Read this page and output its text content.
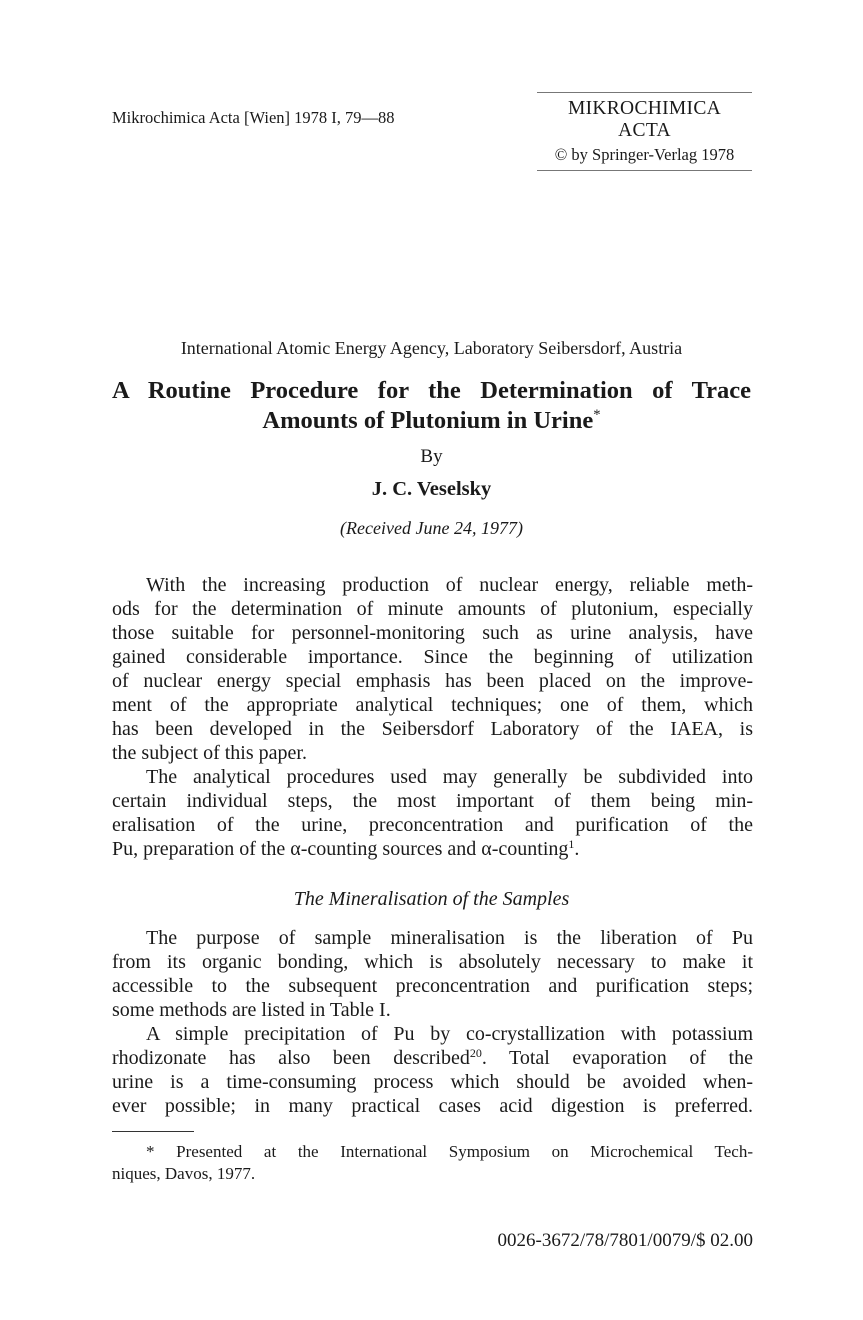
Mikrochimica Acta [Wien] 1978 I, 79—88	MIKROCHIMICA
ACTA
© by Springer-Verlag 1978
International Atomic Energy Agency, Laboratory Seibersdorf, Austria
A Routine Procedure for the Determination of Trace
Amounts of Plutonium in Urine*
By
J. C. Veselsky
(Received June 24, 1977)
With the increasing production of nuclear energy, reliable meth-
ods for the determination of minute amounts of plutonium, especially
those suitable for personnel-monitoring such as urine analysis, have
gained considerable importance. Since the beginning of utilization
of nuclear energy special emphasis has been placed on the improve-
ment of the appropriate analytical techniques; one of them, which
has been developed in the Seibersdorf Laboratory of the IAEA, is
the subject of this paper.
The analytical procedures used may generally be subdivided into
certain individual steps, the most important of them being min-
eralisation of the urine, preconcentration and purification of the
Pu, preparation of the α-counting sources and α-counting$^1$.
The Mineralisation of the Samples
The purpose of sample mineralisation is the liberation of Pu
from its organic bonding, which is absolutely necessary to make it
accessible to the subsequent preconcentration and purification steps;
some methods are listed in Table I.
A simple precipitation of Pu by co-crystallization with potassium
rhodizonate has also been described$^{20}$. Total evaporation of the
urine is a time-consuming process which should be avoided when-
ever possible; in many practical cases acid digestion is preferred.
* Presented at the International Symposium on Microchemical Tech-
niques, Davos, 1977.
0026-3672/78/7801/0079/$ 02.00
